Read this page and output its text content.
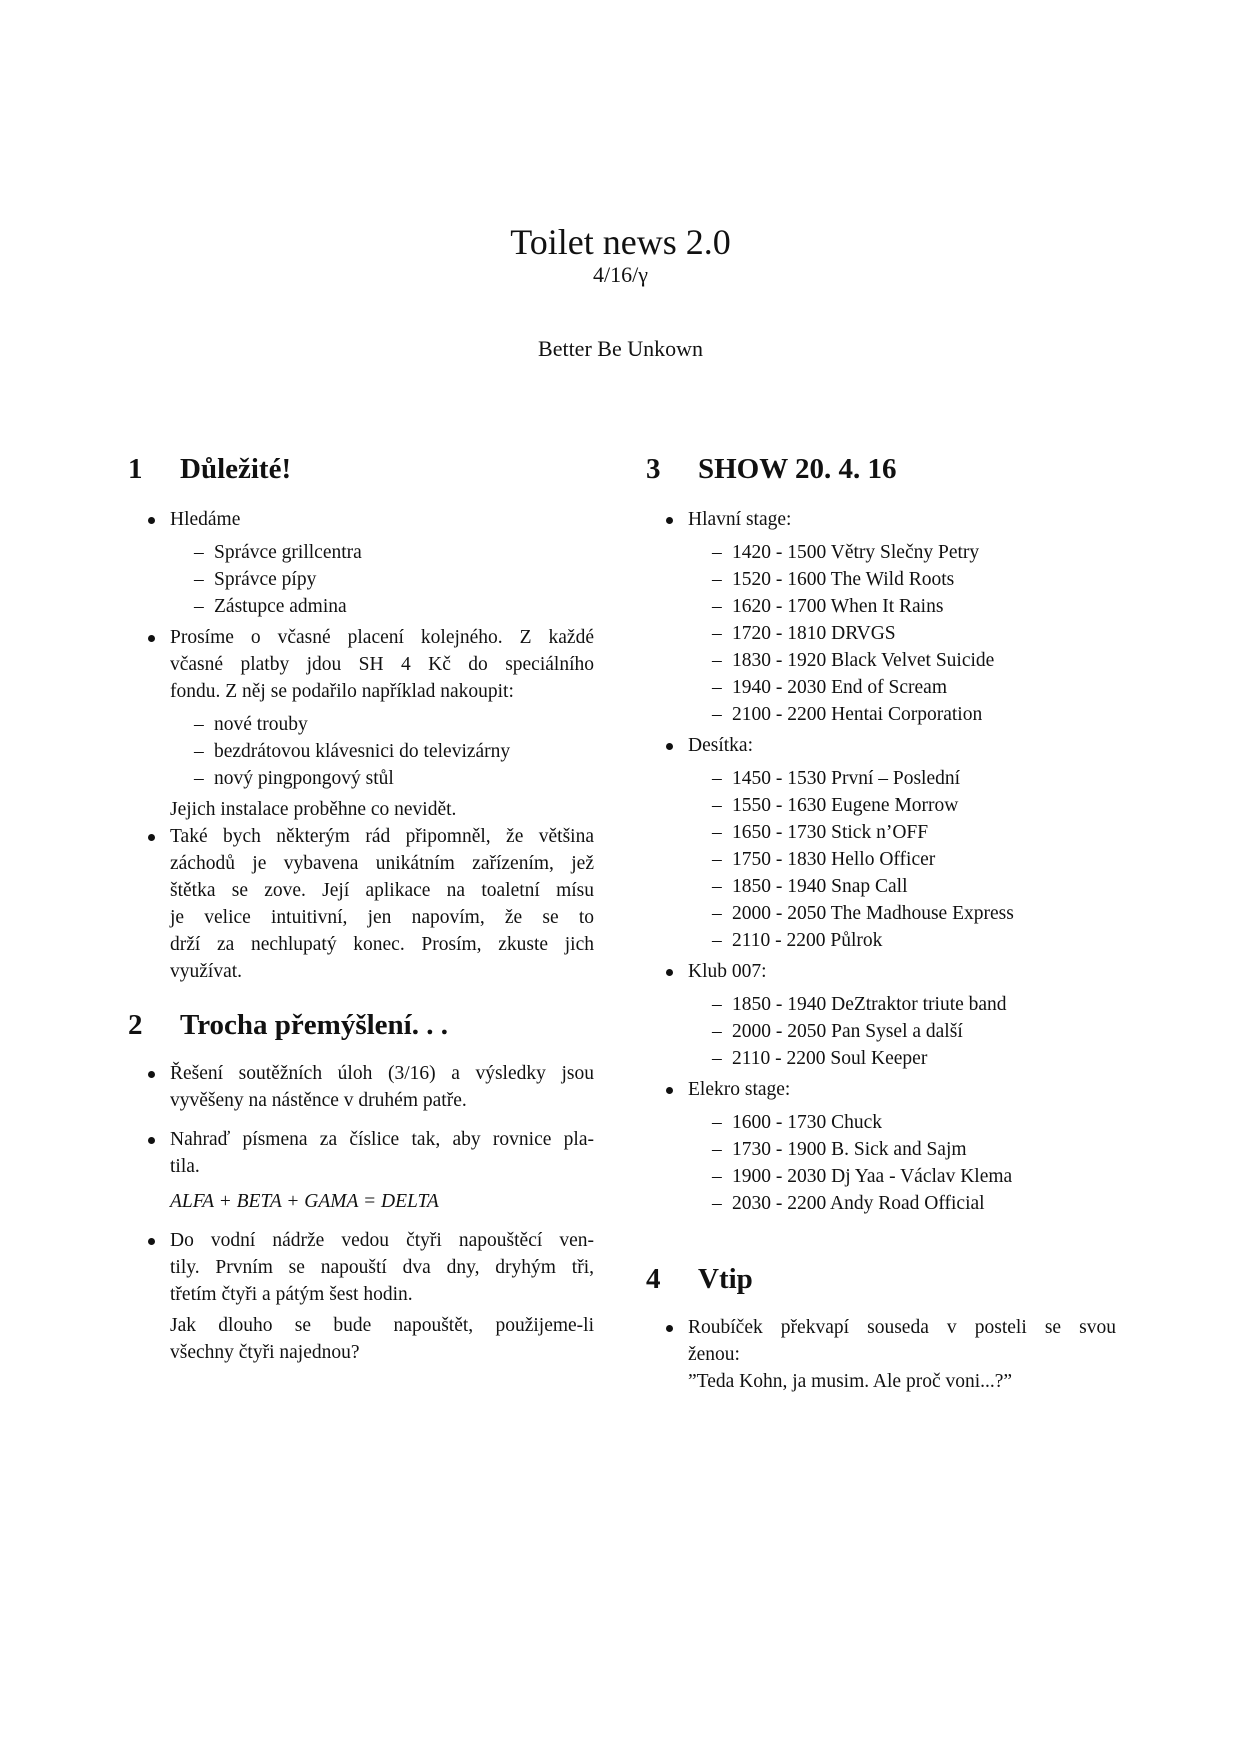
Toilet news 2.0
4/16/γ
Better Be Unkown
1 Důležité!
Hledáme
– Správce grillcentra
– Správce pípy
– Zástupce admina
Prosíme o včasné placení kolejného. Z každé
včasné platby jdou SH 4 Kč do speciálního
fondu. Z něj se podařilo například nakoupit:
– nové trouby
– bezdrátovou klávesnici do televizárny
– nový pingpongový stůl
Jejich instalace proběhne co nevidět.
Také bych některým rád připomněl, že většina
záchodů je vybavena unikátním zařízením, jež
štětka se zove. Její aplikace na toaletní mísu
je velice intuitivní, jen napovím, že se to
drží za nechlupatý konec. Prosím, zkuste jich
využívat.
2 Trocha přemýšlení. . .
Řešení soutěžních úloh (3/16) a výsledky jsou
vyvěšeny na nástěnce v druhém patře.
Nahraď písmena za číslice tak, aby rovnice pla-
tila.
ALFA + BETA + GAMA = DELTA
Do vodní nádrže vedou čtyři napouštěcí ven-
tily. Prvním se napouští dva dny, dryhým tři,
třetím čtyři a pátým šest hodin.
Jak dlouho se bude napouštět, použijeme-li
všechny čtyři najednou?
3 SHOW 20. 4. 16
Hlavní stage:
– 1420 - 1500 Větry Slečny Petry
– 1520 - 1600 The Wild Roots
– 1620 - 1700 When It Rains
– 1720 - 1810 DRVGS
– 1830 - 1920 Black Velvet Suicide
– 1940 - 2030 End of Scream
– 2100 - 2200 Hentai Corporation
Desítka:
– 1450 - 1530 První – Poslední
– 1550 - 1630 Eugene Morrow
– 1650 - 1730 Stick n’OFF
– 1750 - 1830 Hello Officer
– 1850 - 1940 Snap Call
– 2000 - 2050 The Madhouse Express
– 2110 - 2200 Půlrok
Klub 007:
– 1850 - 1940 DeZtraktor triute band
– 2000 - 2050 Pan Sysel a další
– 2110 - 2200 Soul Keeper
Elekro stage:
– 1600 - 1730 Chuck
– 1730 - 1900 B. Sick and Sajm
– 1900 - 2030 Dj Yaa - Václav Klema
– 2030 - 2200 Andy Road Official
4 Vtip
Roubíček překvapí souseda v posteli se svou
ženou:
”Teda Kohn, ja musim. Ale proč voni...?”
